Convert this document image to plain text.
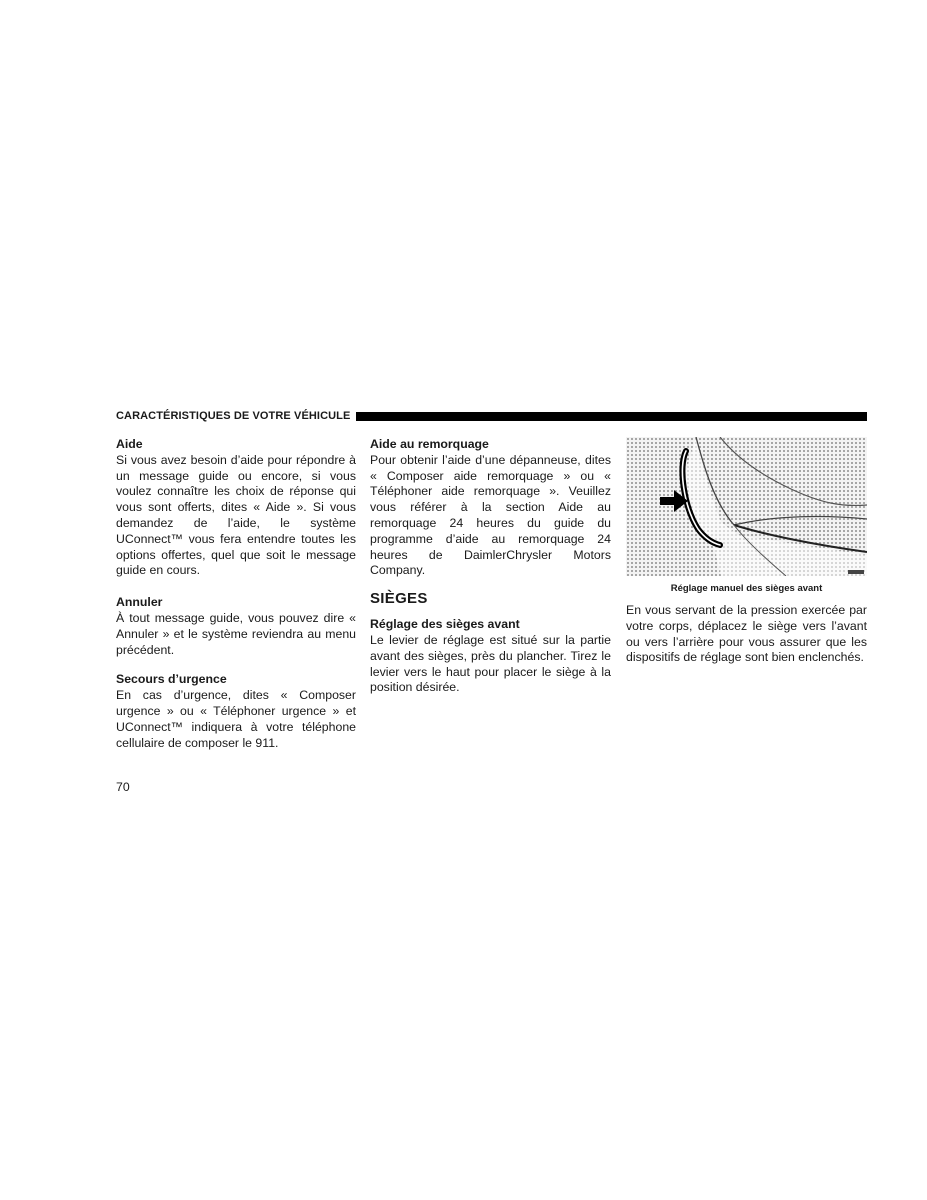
CARACTÉRISTIQUES DE VOTRE VÉHICULE

Aide

Si vous avez besoin d’aide pour répondre à un message guide ou encore, si vous voulez connaître les choix de réponse qui vous sont offerts, dites « Aide ». Si vous demandez de l’aide, le système UConnect™ vous fera entendre toutes les options offertes, quel que soit le message guide en cours.

Annuler

À tout message guide, vous pouvez dire « Annuler » et le système reviendra au menu précédent.

Secours d’urgence

En cas d’urgence, dites « Composer urgence » ou « Téléphoner urgence » et UConnect™ indiquera à votre téléphone cellulaire de composer le 911.

Aide au remorquage

Pour obtenir l’aide d’une dépanneuse, dites « Composer aide remorquage » ou « Téléphoner aide remorquage ». Veuillez vous référer à la section Aide au remorquage 24 heures du guide du programme d’aide au remorquage 24 heures de DaimlerChrysler Motors Company.

SIÈGES

Réglage des sièges avant

Le levier de réglage est situé sur la partie avant des sièges, près du plancher. Tirez le levier vers le haut pour placer le siège à la position désirée.

Réglage manuel des sièges avant

En vous servant de la pression exercée par votre corps, déplacez le siège vers l’avant ou vers l’arrière pour vous assurer que les dispositifs de réglage sont bien enclenchés.

70
